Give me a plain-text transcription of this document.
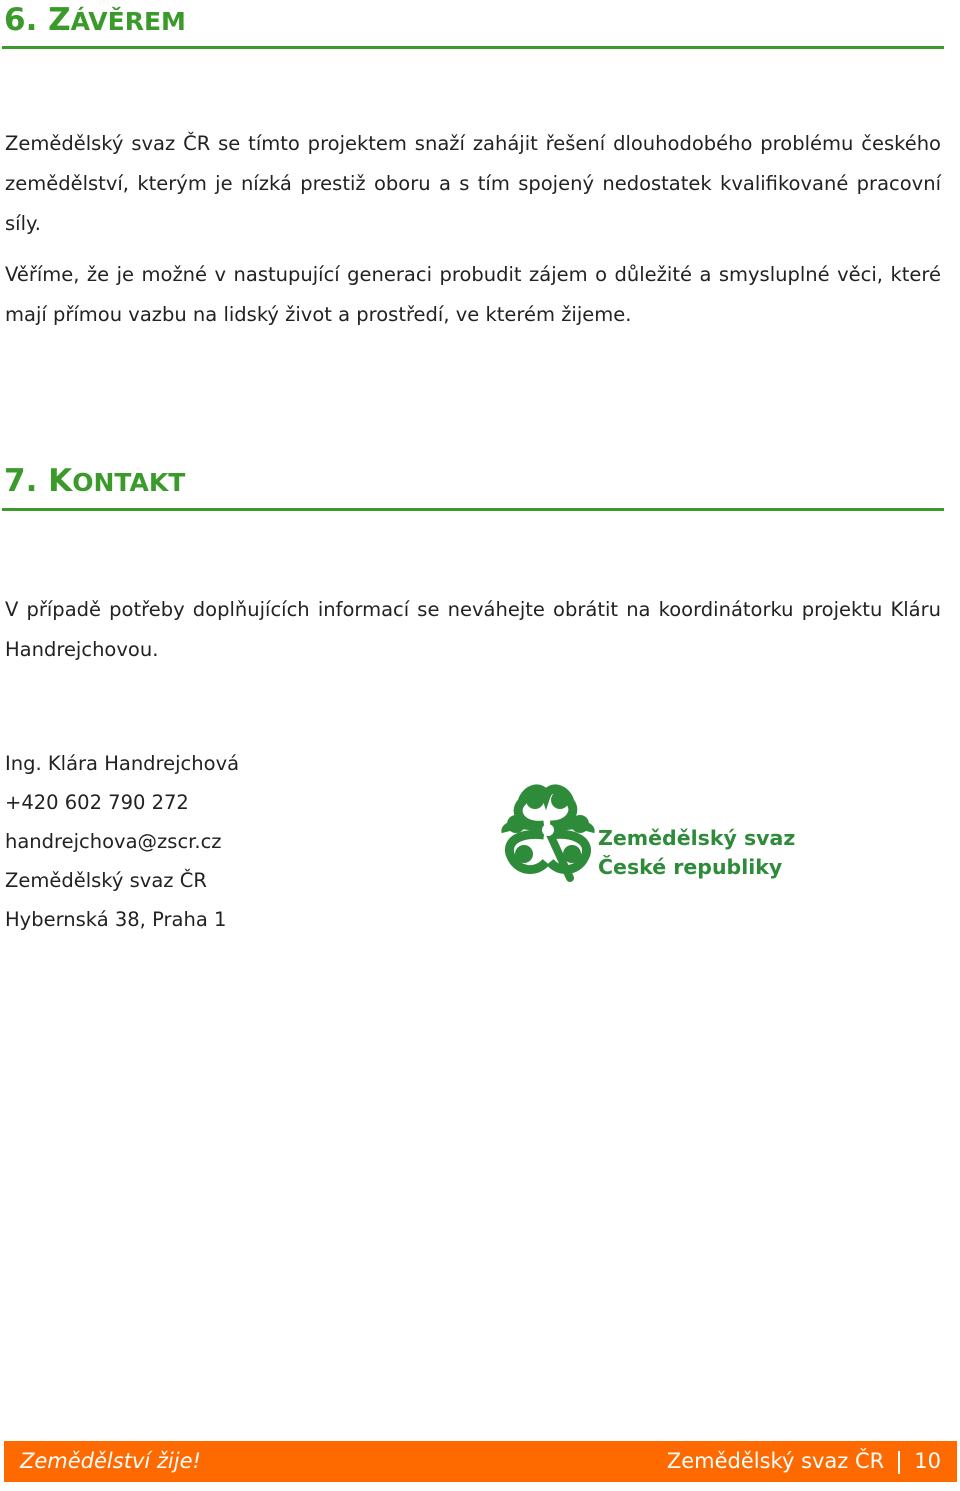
6. ZÁVĚREM

Zemědělský svaz ČR se tímto projektem snaží zahájit řešení dlouhodobého problému českého zemědělství, kterým je nízká prestiž oboru a s tím spojený nedostatek kvalifikované pracovní síly.

Věříme, že je možné v nastupující generaci probudit zájem o důležité a smysluplné věci, které mají přímou vazbu na lidský život a prostředí, ve kterém žijeme.

7. KONTAKT

V případě potřeby doplňujících informací se neváhejte obrátit na koordinátorku projektu Kláru Handrejchovou.

Ing. Klára Handrejchová
+420 602 790 272
handrejchova@zscr.cz
Zemědělský svaz ČR
Hybernská 38, Praha 1
Zemědělský svaz
České republiky
Zemědělství žije!	Zemědělský svaz ČR 10
